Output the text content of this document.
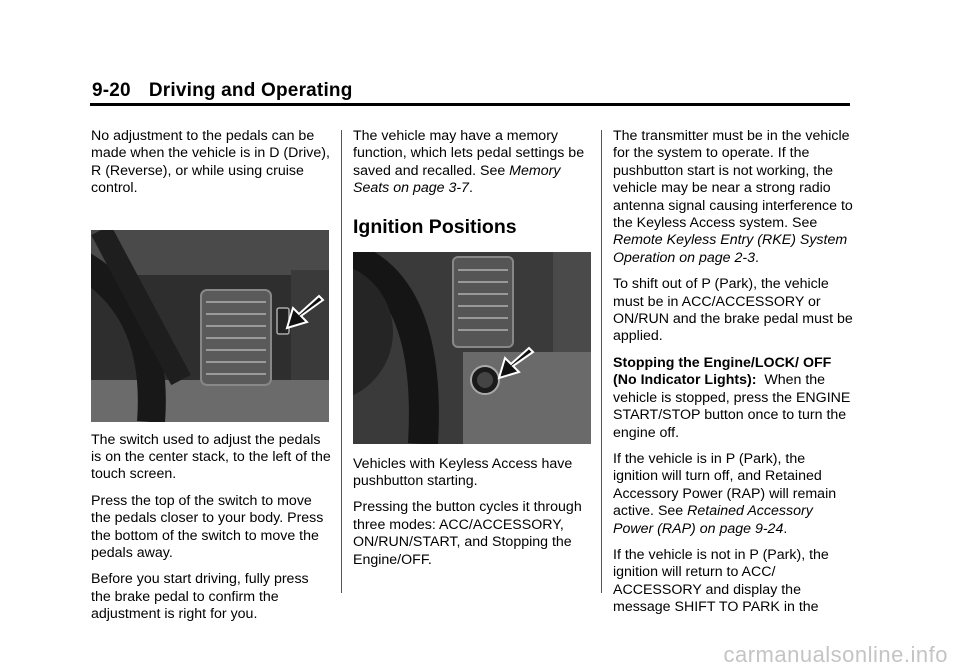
9-20 Driving and Operating

No adjustment to the pedals can be made when the vehicle is in D (Drive), R (Reverse), or while using cruise control.

The switch used to adjust the pedals is on the center stack, to the left of the touch screen.

Press the top of the switch to move the pedals closer to your body. Press the bottom of the switch to move the pedals away.

Before you start driving, fully press the brake pedal to confirm the adjustment is right for you.

The vehicle may have a memory function, which lets pedal settings be saved and recalled. See Memory Seats on page 3-7.

Ignition Positions

Vehicles with Keyless Access have pushbutton starting.

Pressing the button cycles it through three modes: ACC/ACCESSORY, ON/RUN/START, and Stopping the Engine/OFF.

The transmitter must be in the vehicle for the system to operate. If the pushbutton start is not working, the vehicle may be near a strong radio antenna signal causing interference to the Keyless Access system. See Remote Keyless Entry (RKE) System Operation on page 2-3.

To shift out of P (Park), the vehicle must be in ACC/ACCESSORY or ON/RUN and the brake pedal must be applied.

Stopping the Engine/LOCK/ OFF (No Indicator Lights):  When the vehicle is stopped, press the ENGINE START/STOP button once to turn the engine off.

If the vehicle is in P (Park), the ignition will turn off, and Retained Accessory Power (RAP) will remain active. See Retained Accessory Power (RAP) on page 9-24.

If the vehicle is not in P (Park), the ignition will return to ACC/ ACCESSORY and display the message SHIFT TO PARK in the

carmanualsonline.info
